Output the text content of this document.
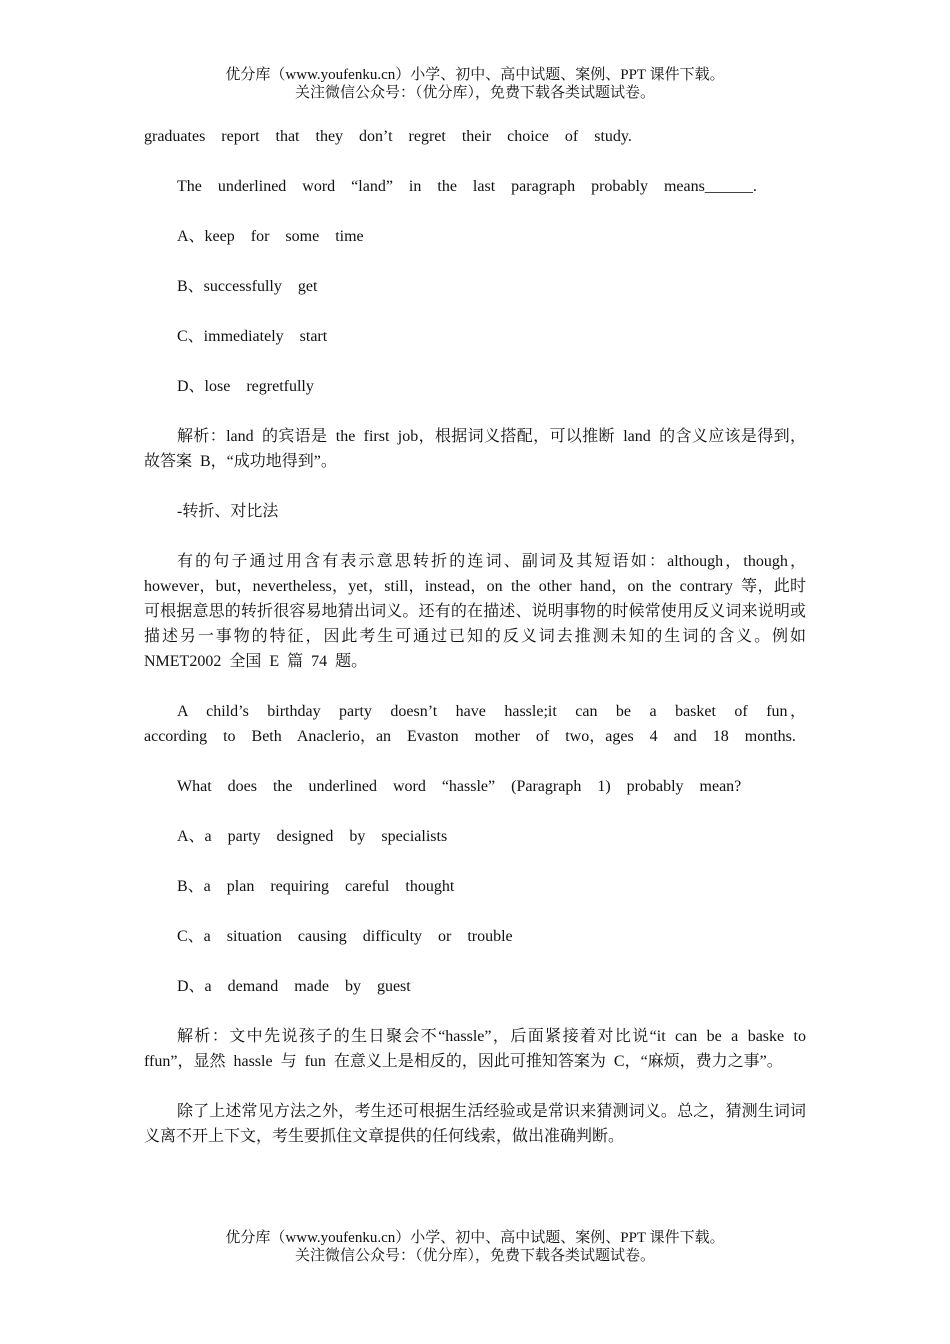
优分库（www.youfenku.cn）小学、初中、高中试题、案例、PPT 课件下载。
关注微信公众号：（优分库），免费下载各类试题试卷。

graduates report that they don’t regret their choice of study.

The underlined word “land” in the last paragraph probably means______.

A、keep for some time

B、successfully get

C、immediately start

D、lose regretfully

解析：land 的宾语是 the first job，根据词义搭配，可以推断 land 的含义应该是得到，故答案 B，“成功地得到”。

-转折、对比法

有的句子通过用含有表示意思转折的连词、副词及其短语如：although，though，however，but，nevertheless，yet，still，instead，on the other hand，on the contrary 等，此时可根据意思的转折很容易地猜出词义。还有的在描述、说明事物的时候常使用反义词来说明或描述另一事物的特征，因此考生可通过已知的反义词去推测未知的生词的含义。例如 NMET2002 全国 E 篇 74 题。

A child’s birthday party doesn’t have hassle;it can be a basket of fun，according to Beth Anaclerio，an Evaston mother of two，ages 4 and 18 months.

What does the underlined word “hassle” (Paragraph 1) probably mean?

A、a party designed by specialists

B、a plan requiring careful thought

C、a situation causing difficulty or trouble

D、a demand made by guest

解析：文中先说孩子的生日聚会不“hassle”，后面紧接着对比说“it can be a baske to ffun”，显然 hassle 与 fun 在意义上是相反的，因此可推知答案为 C，“麻烦，费力之事”。

除了上述常见方法之外，考生还可根据生活经验或是常识来猜测词义。总之，猜测生词词义离不开上下文，考生要抓住文章提供的任何线索，做出准确判断。

优分库（www.youfenku.cn）小学、初中、高中试题、案例、PPT 课件下载。
关注微信公众号：（优分库），免费下载各类试题试卷。
